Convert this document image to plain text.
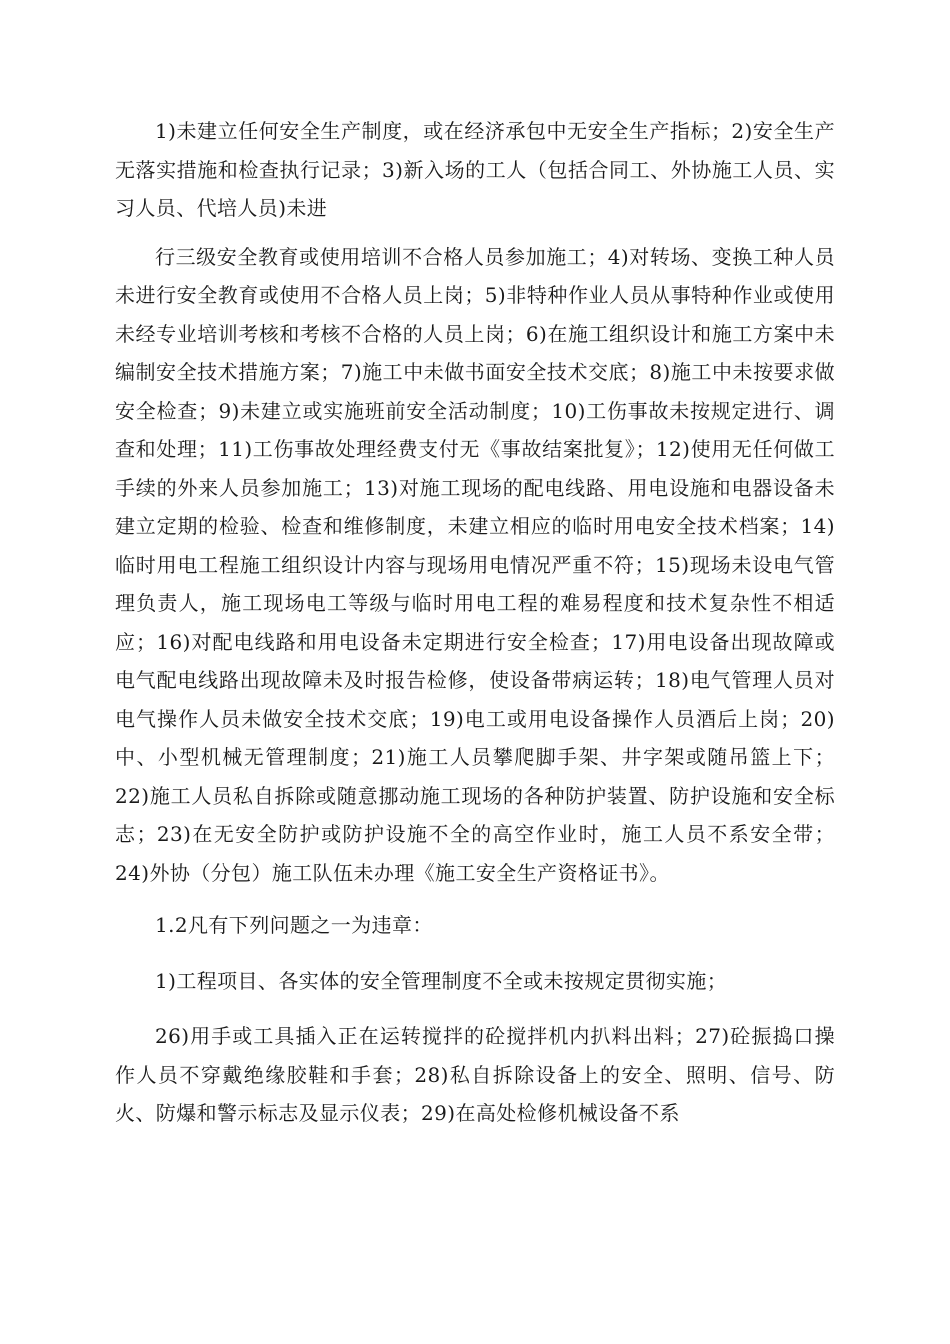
1)未建立任何安全生产制度，或在经济承包中无安全生产指标；2)安全生产无落实措施和检查执行记录；3)新入场的工人（包括合同工、外协施工人员、实习人员、代培人员)未进

行三级安全教育或使用培训不合格人员参加施工；4)对转场、变换工种人员未进行安全教育或使用不合格人员上岗；5)非特种作业人员从事特种作业或使用未经专业培训考核和考核不合格的人员上岗；6)在施工组织设计和施工方案中未编制安全技术措施方案；7)施工中未做书面安全技术交底；8)施工中未按要求做安全检查；9)未建立或实施班前安全活动制度；10)工伤事故未按规定进行、调查和处理；11)工伤事故处理经费支付无《事故结案批复》；12)使用无任何做工手续的外来人员参加施工；13)对施工现场的配电线路、用电设施和电器设备未建立定期的检验、检查和维修制度，未建立相应的临时用电安全技术档案；14)临时用电工程施工组织设计内容与现场用电情况严重不符；15)现场未设电气管理负责人，施工现场电工等级与临时用电工程的难易程度和技术复杂性不相适应；16)对配电线路和用电设备未定期进行安全检查；17)用电设备出现故障或电气配电线路出现故障未及时报告检修，使设备带病运转；18)电气管理人员对电气操作人员未做安全技术交底；19)电工或用电设备操作人员酒后上岗；20)中、小型机械无管理制度；21)施工人员攀爬脚手架、井字架或随吊篮上下；22)施工人员私自拆除或随意挪动施工现场的各种防护装置、防护设施和安全标志；23)在无安全防护或防护设施不全的高空作业时，施工人员不系安全带；24)外协（分包）施工队伍未办理《施工安全生产资格证书》。

1.2凡有下列问题之一为违章：

1)工程项目、各实体的安全管理制度不全或未按规定贯彻实施；

26)用手或工具插入正在运转搅拌的砼搅拌机内扒料出料；27)砼振捣口操作人员不穿戴绝缘胶鞋和手套；28)私自拆除设备上的安全、照明、信号、防火、防爆和警示标志及显示仪表；29)在高处检修机械设备不系
